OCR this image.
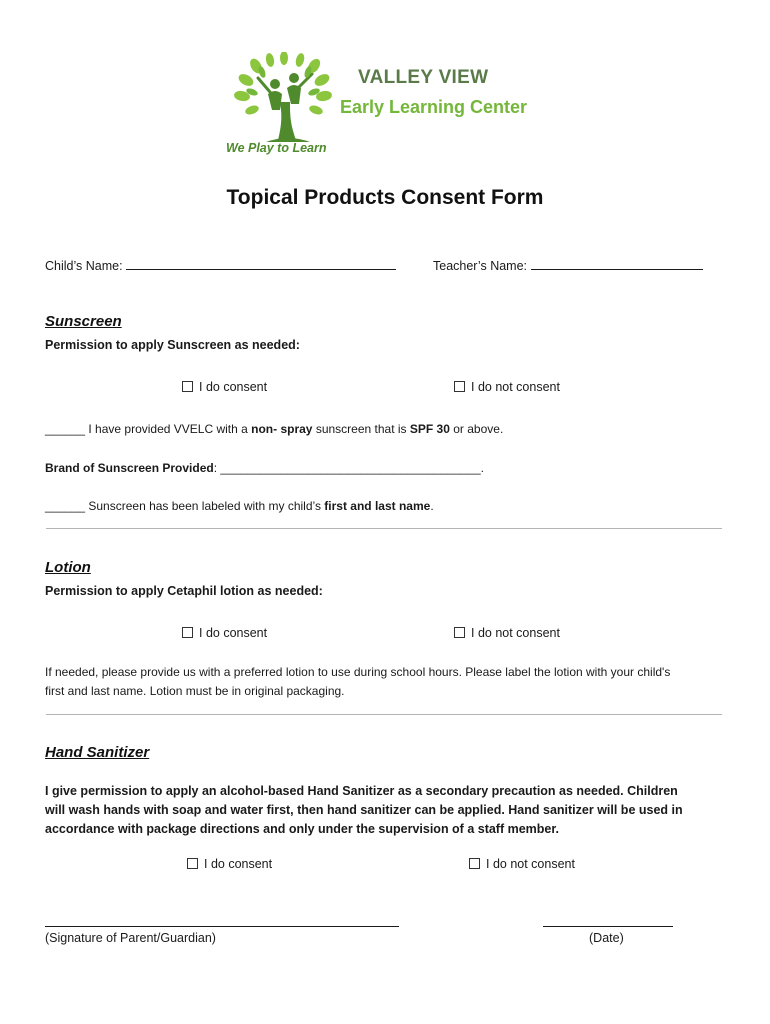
VALLEY VIEW
Early Learning Center
We Play to Learn
Topical Products Consent Form
Child’s Name:	Teacher’s Name:
Sunscreen
Permission to apply Sunscreen as needed:
I do consent	I do not consent
______ I have provided VVELC with a non- spray sunscreen that is SPF 30 or above.
Brand of Sunscreen Provided: _______________________________________.
______ Sunscreen has been labeled with my child’s first and last name.
Lotion
Permission to apply Cetaphil lotion as needed:
I do consent	I do not consent
If needed, please provide us with a preferred lotion to use during school hours. Please label the lotion with your child's
first and last name. Lotion must be in original packaging.
Hand Sanitizer
I give permission to apply an alcohol-based Hand Sanitizer as a secondary precaution as needed. Children
will wash hands with soap and water first, then hand sanitizer can be applied. Hand sanitizer will be used in
accordance with package directions and only under the supervision of a staff member.
I do consent	I do not consent
(Signature of Parent/Guardian)	(Date)
